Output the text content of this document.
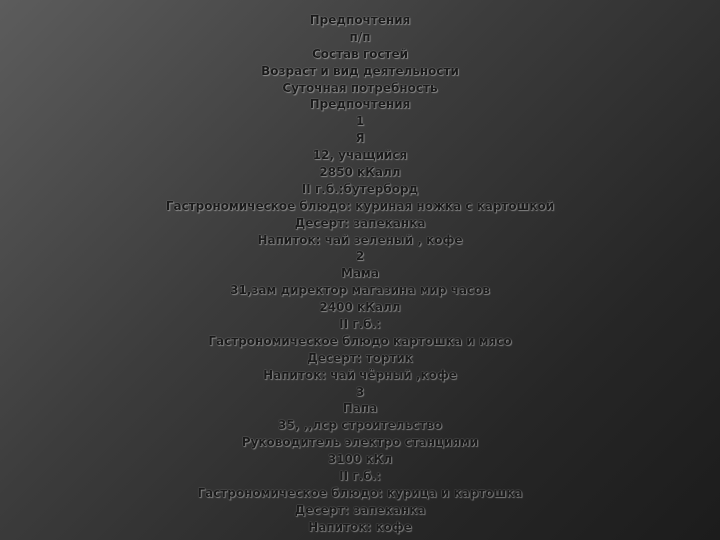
Предпочтения
п/п
Состав гостей
Возраст и вид деятельности
Суточная потребность
Предпочтения
1
Я
12, учащийся
2850 кКалл
II г.б.:бутерборд
Гастрономическое блюдо: куриная ножка с картошкой
Десерт: запеканка
Напиток: чай зеленый , кофе
2
Мама
31,зам директор магазина мир часов
2400 кКалл
II г.б.:
Гастрономическое блюдо картошка и мясо
Десерт: тортик
Напиток: чай чёрный ,кофе
3
Папа
35, ,,лср строительство
Руководитель электро станциями
3100 кКл
II г.б.:
Гастрономическое блюдо: курица и картошка
Десерт: запеканка
Напиток: кофе
